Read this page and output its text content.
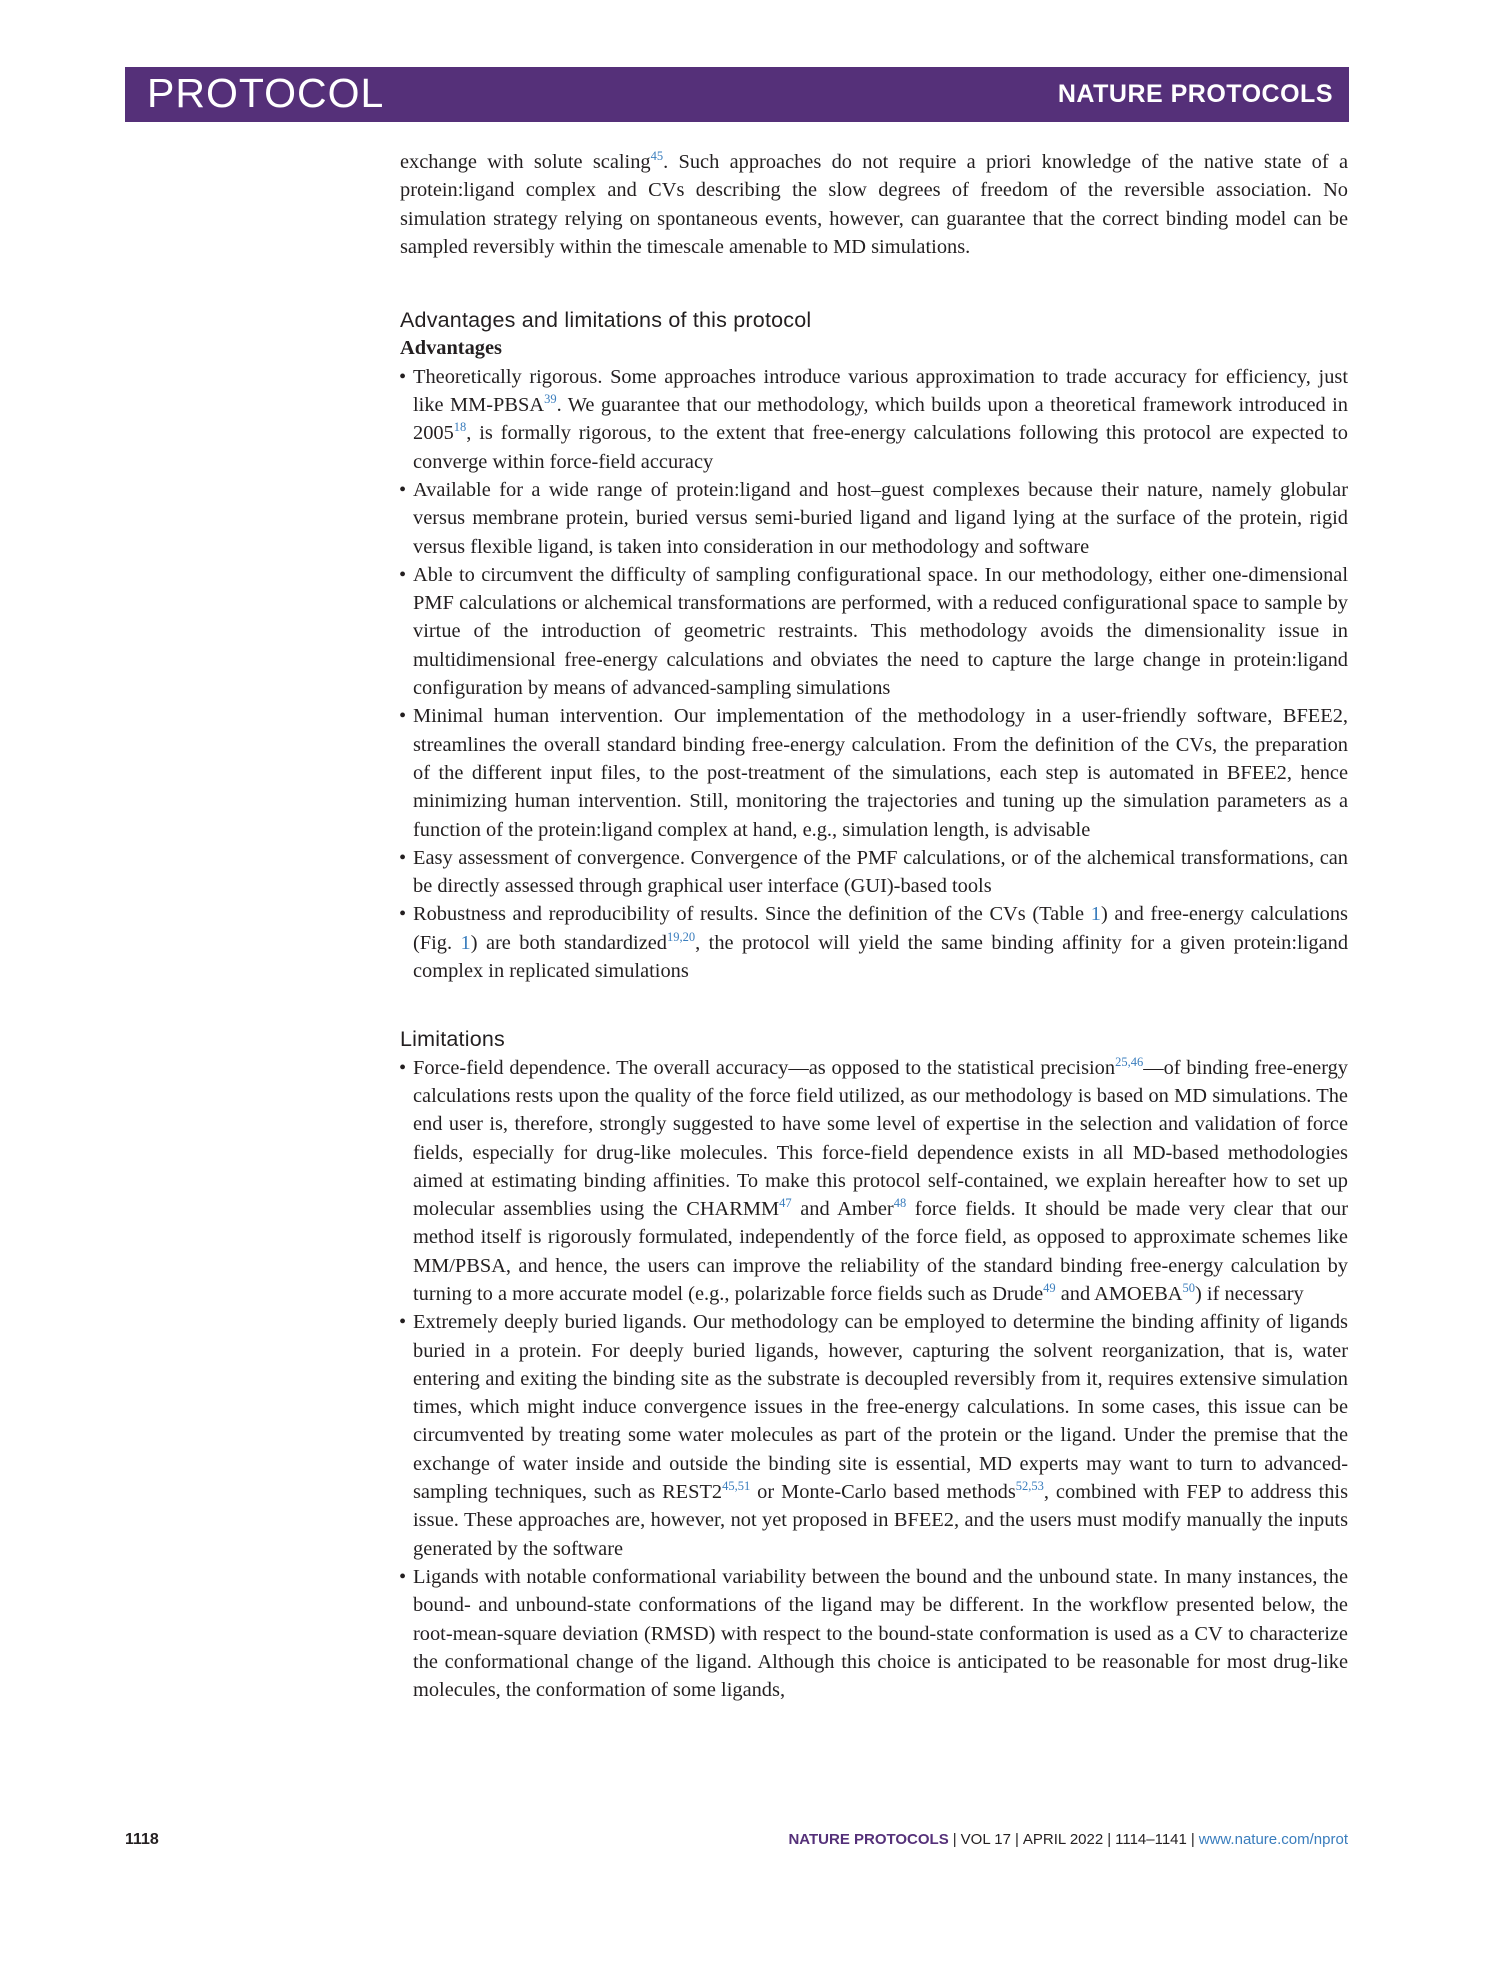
PROTOCOL	NATURE PROTOCOLS

exchange with solute scaling$^{45}$. Such approaches do not require a priori knowledge of the native state of a protein:ligand complex and CVs describing the slow degrees of freedom of the reversible association. No simulation strategy relying on spontaneous events, however, can guarantee that the correct binding model can be sampled reversibly within the timescale amenable to MD simulations.

Advantages and limitations of this protocol
Advantages
• Theoretically rigorous. Some approaches introduce various approximation to trade accuracy for efficiency, just like MM-PBSA$^{39}$. We guarantee that our methodology, which builds upon a theoretical framework introduced in 2005$^{18}$, is formally rigorous, to the extent that free-energy calculations following this protocol are expected to converge within force-field accuracy
• Available for a wide range of protein:ligand and host–guest complexes because their nature, namely globular versus membrane protein, buried versus semi-buried ligand and ligand lying at the surface of the protein, rigid versus flexible ligand, is taken into consideration in our methodology and software
• Able to circumvent the difficulty of sampling configurational space. In our methodology, either one-dimensional PMF calculations or alchemical transformations are performed, with a reduced configurational space to sample by virtue of the introduction of geometric restraints. This methodology avoids the dimensionality issue in multidimensional free-energy calculations and obviates the need to capture the large change in protein:ligand configuration by means of advanced-sampling simulations
• Minimal human intervention. Our implementation of the methodology in a user-friendly software, BFEE2, streamlines the overall standard binding free-energy calculation. From the definition of the CVs, the preparation of the different input files, to the post-treatment of the simulations, each step is automated in BFEE2, hence minimizing human intervention. Still, monitoring the trajectories and tuning up the simulation parameters as a function of the protein:ligand complex at hand, e.g., simulation length, is advisable
• Easy assessment of convergence. Convergence of the PMF calculations, or of the alchemical transformations, can be directly assessed through graphical user interface (GUI)-based tools
• Robustness and reproducibility of results. Since the definition of the CVs (Table 1) and free-energy calculations (Fig. 1) are both standardized$^{19,20}$, the protocol will yield the same binding affinity for a given protein:ligand complex in replicated simulations
Limitations
• Force-field dependence. The overall accuracy—as opposed to the statistical precision$^{25,46}$—of binding free-energy calculations rests upon the quality of the force field utilized, as our methodology is based on MD simulations. The end user is, therefore, strongly suggested to have some level of expertise in the selection and validation of force fields, especially for drug-like molecules. This force-field dependence exists in all MD-based methodologies aimed at estimating binding affinities. To make this protocol self-contained, we explain hereafter how to set up molecular assemblies using the CHARMM$^{47}$ and Amber$^{48}$ force fields. It should be made very clear that our method itself is rigorously formulated, independently of the force field, as opposed to approximate schemes like MM/PBSA, and hence, the users can improve the reliability of the standard binding free-energy calculation by turning to a more accurate model (e.g., polarizable force fields such as Drude$^{49}$ and AMOEBA$^{50}$) if necessary
• Extremely deeply buried ligands. Our methodology can be employed to determine the binding affinity of ligands buried in a protein. For deeply buried ligands, however, capturing the solvent reorganization, that is, water entering and exiting the binding site as the substrate is decoupled reversibly from it, requires extensive simulation times, which might induce convergence issues in the free-energy calculations. In some cases, this issue can be circumvented by treating some water molecules as part of the protein or the ligand. Under the premise that the exchange of water inside and outside the binding site is essential, MD experts may want to turn to advanced-sampling techniques, such as REST2$^{45,51}$ or Monte-Carlo based methods$^{52,53}$, combined with FEP to address this issue. These approaches are, however, not yet proposed in BFEE2, and the users must modify manually the inputs generated by the software
• Ligands with notable conformational variability between the bound and the unbound state. In many instances, the bound- and unbound-state conformations of the ligand may be different. In the workflow presented below, the root-mean-square deviation (RMSD) with respect to the bound-state conformation is used as a CV to characterize the conformational change of the ligand. Although this choice is anticipated to be reasonable for most drug-like molecules, the conformation of some ligands,
1118	NATURE PROTOCOLS | VOL 17 | APRIL 2022 | 1114–1141 | www.nature.com/nprot
